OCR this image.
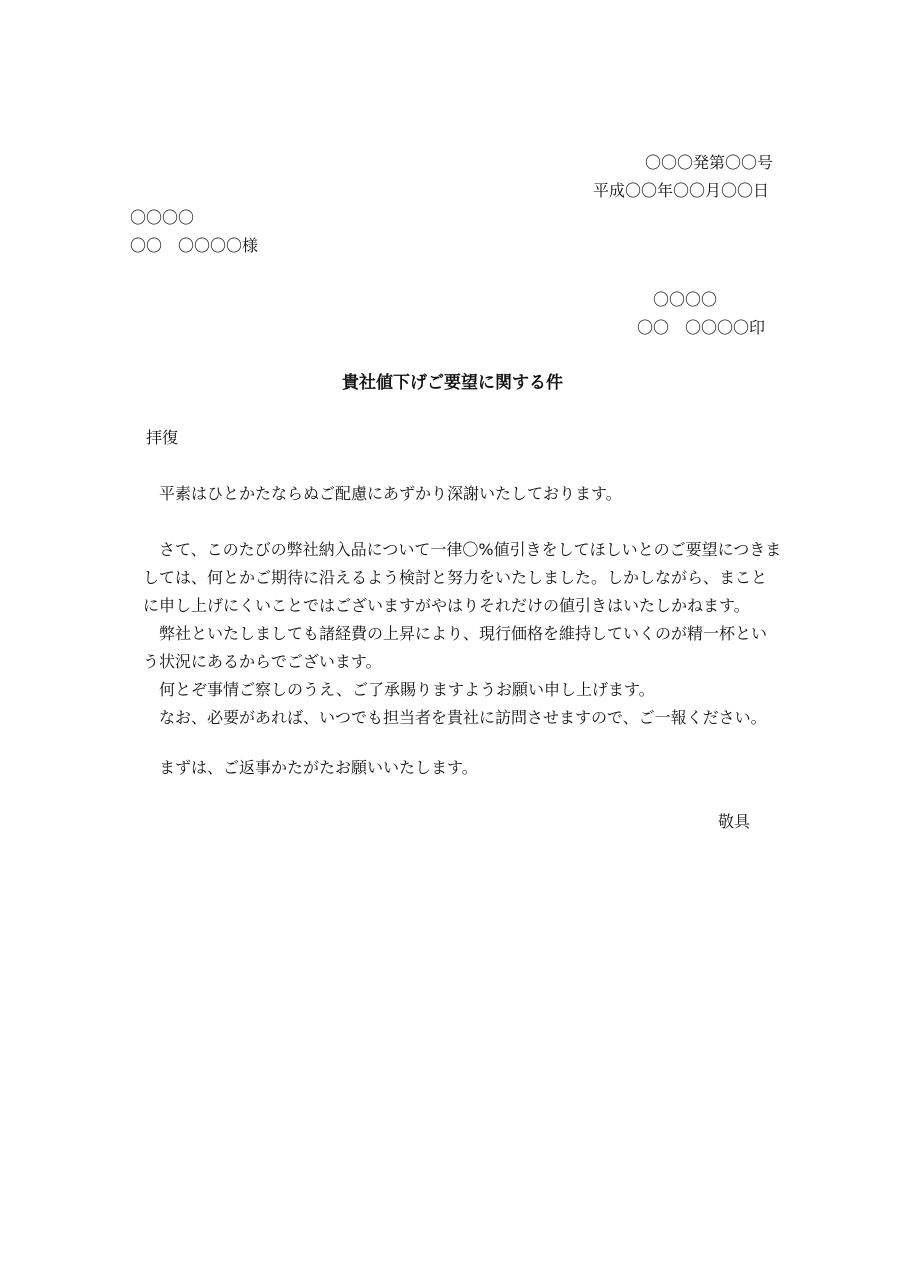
〇〇〇発第〇〇号
平成〇〇年〇〇月〇〇日
〇〇〇〇
〇〇　〇〇〇〇様
〇〇〇〇
〇〇　〇〇〇〇印
貴社値下げご要望に関する件
拝復
　平素はひとかたならぬご配慮にあずかり深謝いたしております。
　さて、このたびの弊社納入品について一律〇%値引きをしてほしいとのご要望につきま
しては、何とかご期待に沿えるよう検討と努力をいたしました。しかしながら、まこと
に申し上げにくいことではございますがやはりそれだけの値引きはいたしかねます。
　弊社といたしましても諸経費の上昇により、現行価格を維持していくのが精一杯とい
う状況にあるからでございます。
　何とぞ事情ご察しのうえ、ご了承賜りますようお願い申し上げます。
　なお、必要があれば、いつでも担当者を貴社に訪問させますので、ご一報ください。
　まずは、ご返事かたがたお願いいたします。
敬具
